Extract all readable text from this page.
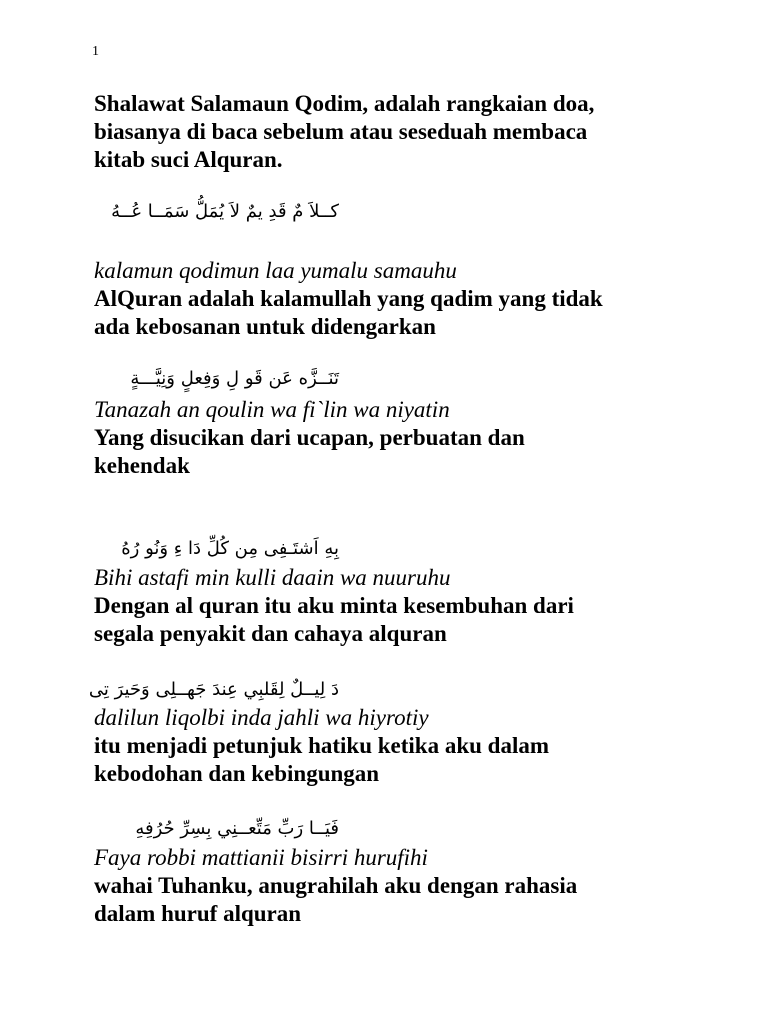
1
Shalawat Salamaun Qodim, adalah rangkaian doa,
biasanya di baca sebelum atau seseduah membaca
kitab suci Alquran.
كــلاَ مٌ قَدِ يمٌ لاَ يُمَلُّ سَمَــا عُــهُ
kalamun qodimun laa yumalu samauhu
AlQuran adalah kalamullah yang qadim yang tidak
ada kebosanan untuk didengarkan
تَنَــزَّه عَن قَو لِ وَفِعلٍ وَنِيَّـــةٍ
Tanazah an qoulin wa fi`lin wa niyatin
Yang disucikan dari ucapan, perbuatan dan
kehendak
بِهِ اَشتَـفِى مِن كُلِّ دَا ءِ وَنُو رُهُ
Bihi astafi min kulli daain wa nuuruhu
Dengan al quran itu aku minta kesembuhan dari
segala penyakit dan cahaya alquran
دَ لِيــلٌ لِقَلبِي عِندَ جَهــلِى وَحَيرَ تِى
dalilun liqolbi inda jahli wa hiyrotiy
itu menjadi petunjuk hatiku ketika aku dalam
kebodohan dan kebingungan
فَيَــا رَبِّ مَتِّعــنِي بِسِرِّ حُرُفِهِ
Faya robbi mattianii bisirri hurufihi
wahai Tuhanku, anugrahilah aku dengan rahasia
dalam huruf alquran
